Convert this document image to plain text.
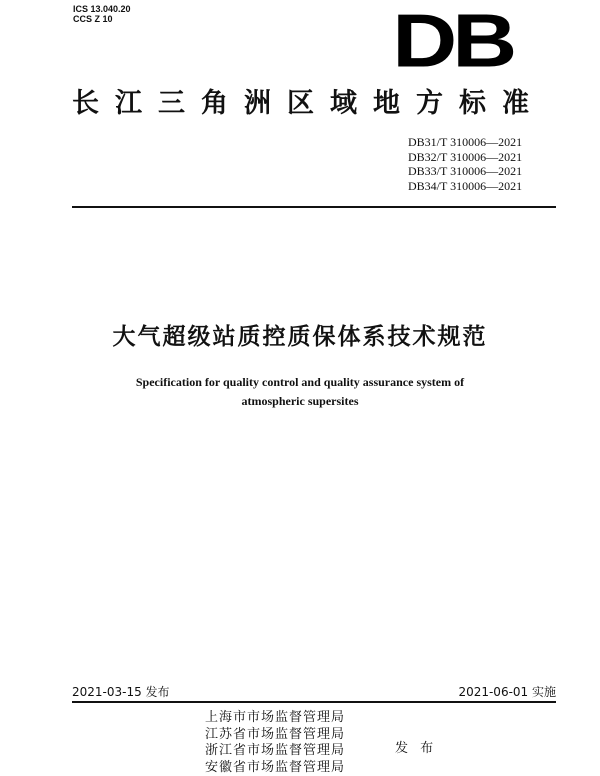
ICS 13.040.20
CCS Z 10	DB
长江三角洲区域地方标准
DB31/T 310006—2021
DB32/T 310006—2021
DB33/T 310006—2021
DB34/T 310006—2021
大气超级站质控质保体系技术规范
Specification for quality control and quality assurance system of
atmospheric supersites
2021-03-15 发布	2021-06-01 实施
上海市市场监督管理局
江苏省市场监督管理局
浙江省市场监督管理局
安徽省市场监督管理局
发 布
